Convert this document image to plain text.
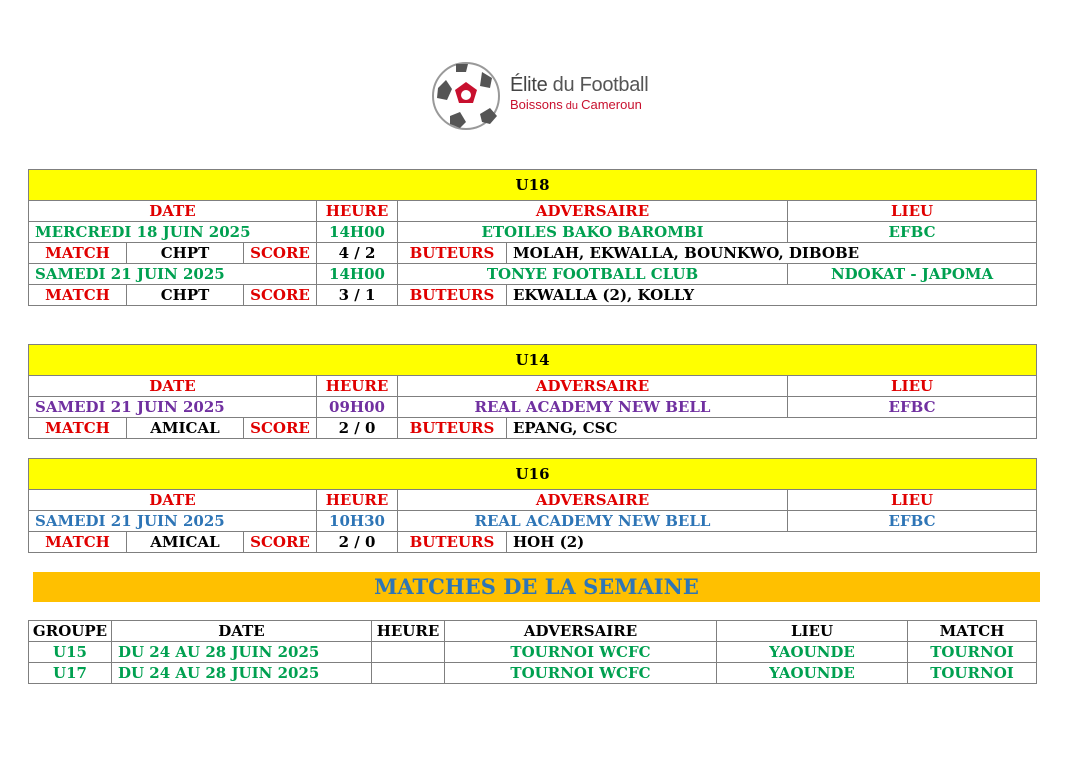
Élite du Football
Boissons du Cameroun
U18						
DATE			HEURE	ADVERSAIRE		LIEU
MERCREDI 18 JUIN 2025			14H00	ETOILES BAKO BAROMBI		EFBC
MATCH	CHPT	SCORE	4 / 2	BUTEURS	MOLAH, EKWALLA, BOUNKWO, DIBOBE	
SAMEDI 21 JUIN 2025			14H00	TONYE FOOTBALL CLUB		NDOKAT - JAPOMA
MATCH	CHPT	SCORE	3 / 1	BUTEURS	EKWALLA (2), KOLLY	
U14						
DATE			HEURE	ADVERSAIRE		LIEU
SAMEDI 21 JUIN 2025			09H00	REAL ACADEMY NEW BELL		EFBC
MATCH	AMICAL	SCORE	2 / 0	BUTEURS	EPANG, CSC	
U16						
DATE			HEURE	ADVERSAIRE		LIEU
SAMEDI 21 JUIN 2025			10H30	REAL ACADEMY NEW BELL		EFBC
MATCH	AMICAL	SCORE	2 / 0	BUTEURS	HOH (2)	
MATCHES DE LA SEMAINE
GROUPE	DATE	HEURE	ADVERSAIRE	LIEU	MATCH
U15	DU 24 AU 28 JUIN 2025		TOURNOI WCFC	YAOUNDE	TOURNOI
U17	DU 24 AU 28 JUIN 2025		TOURNOI WCFC	YAOUNDE	TOURNOI
